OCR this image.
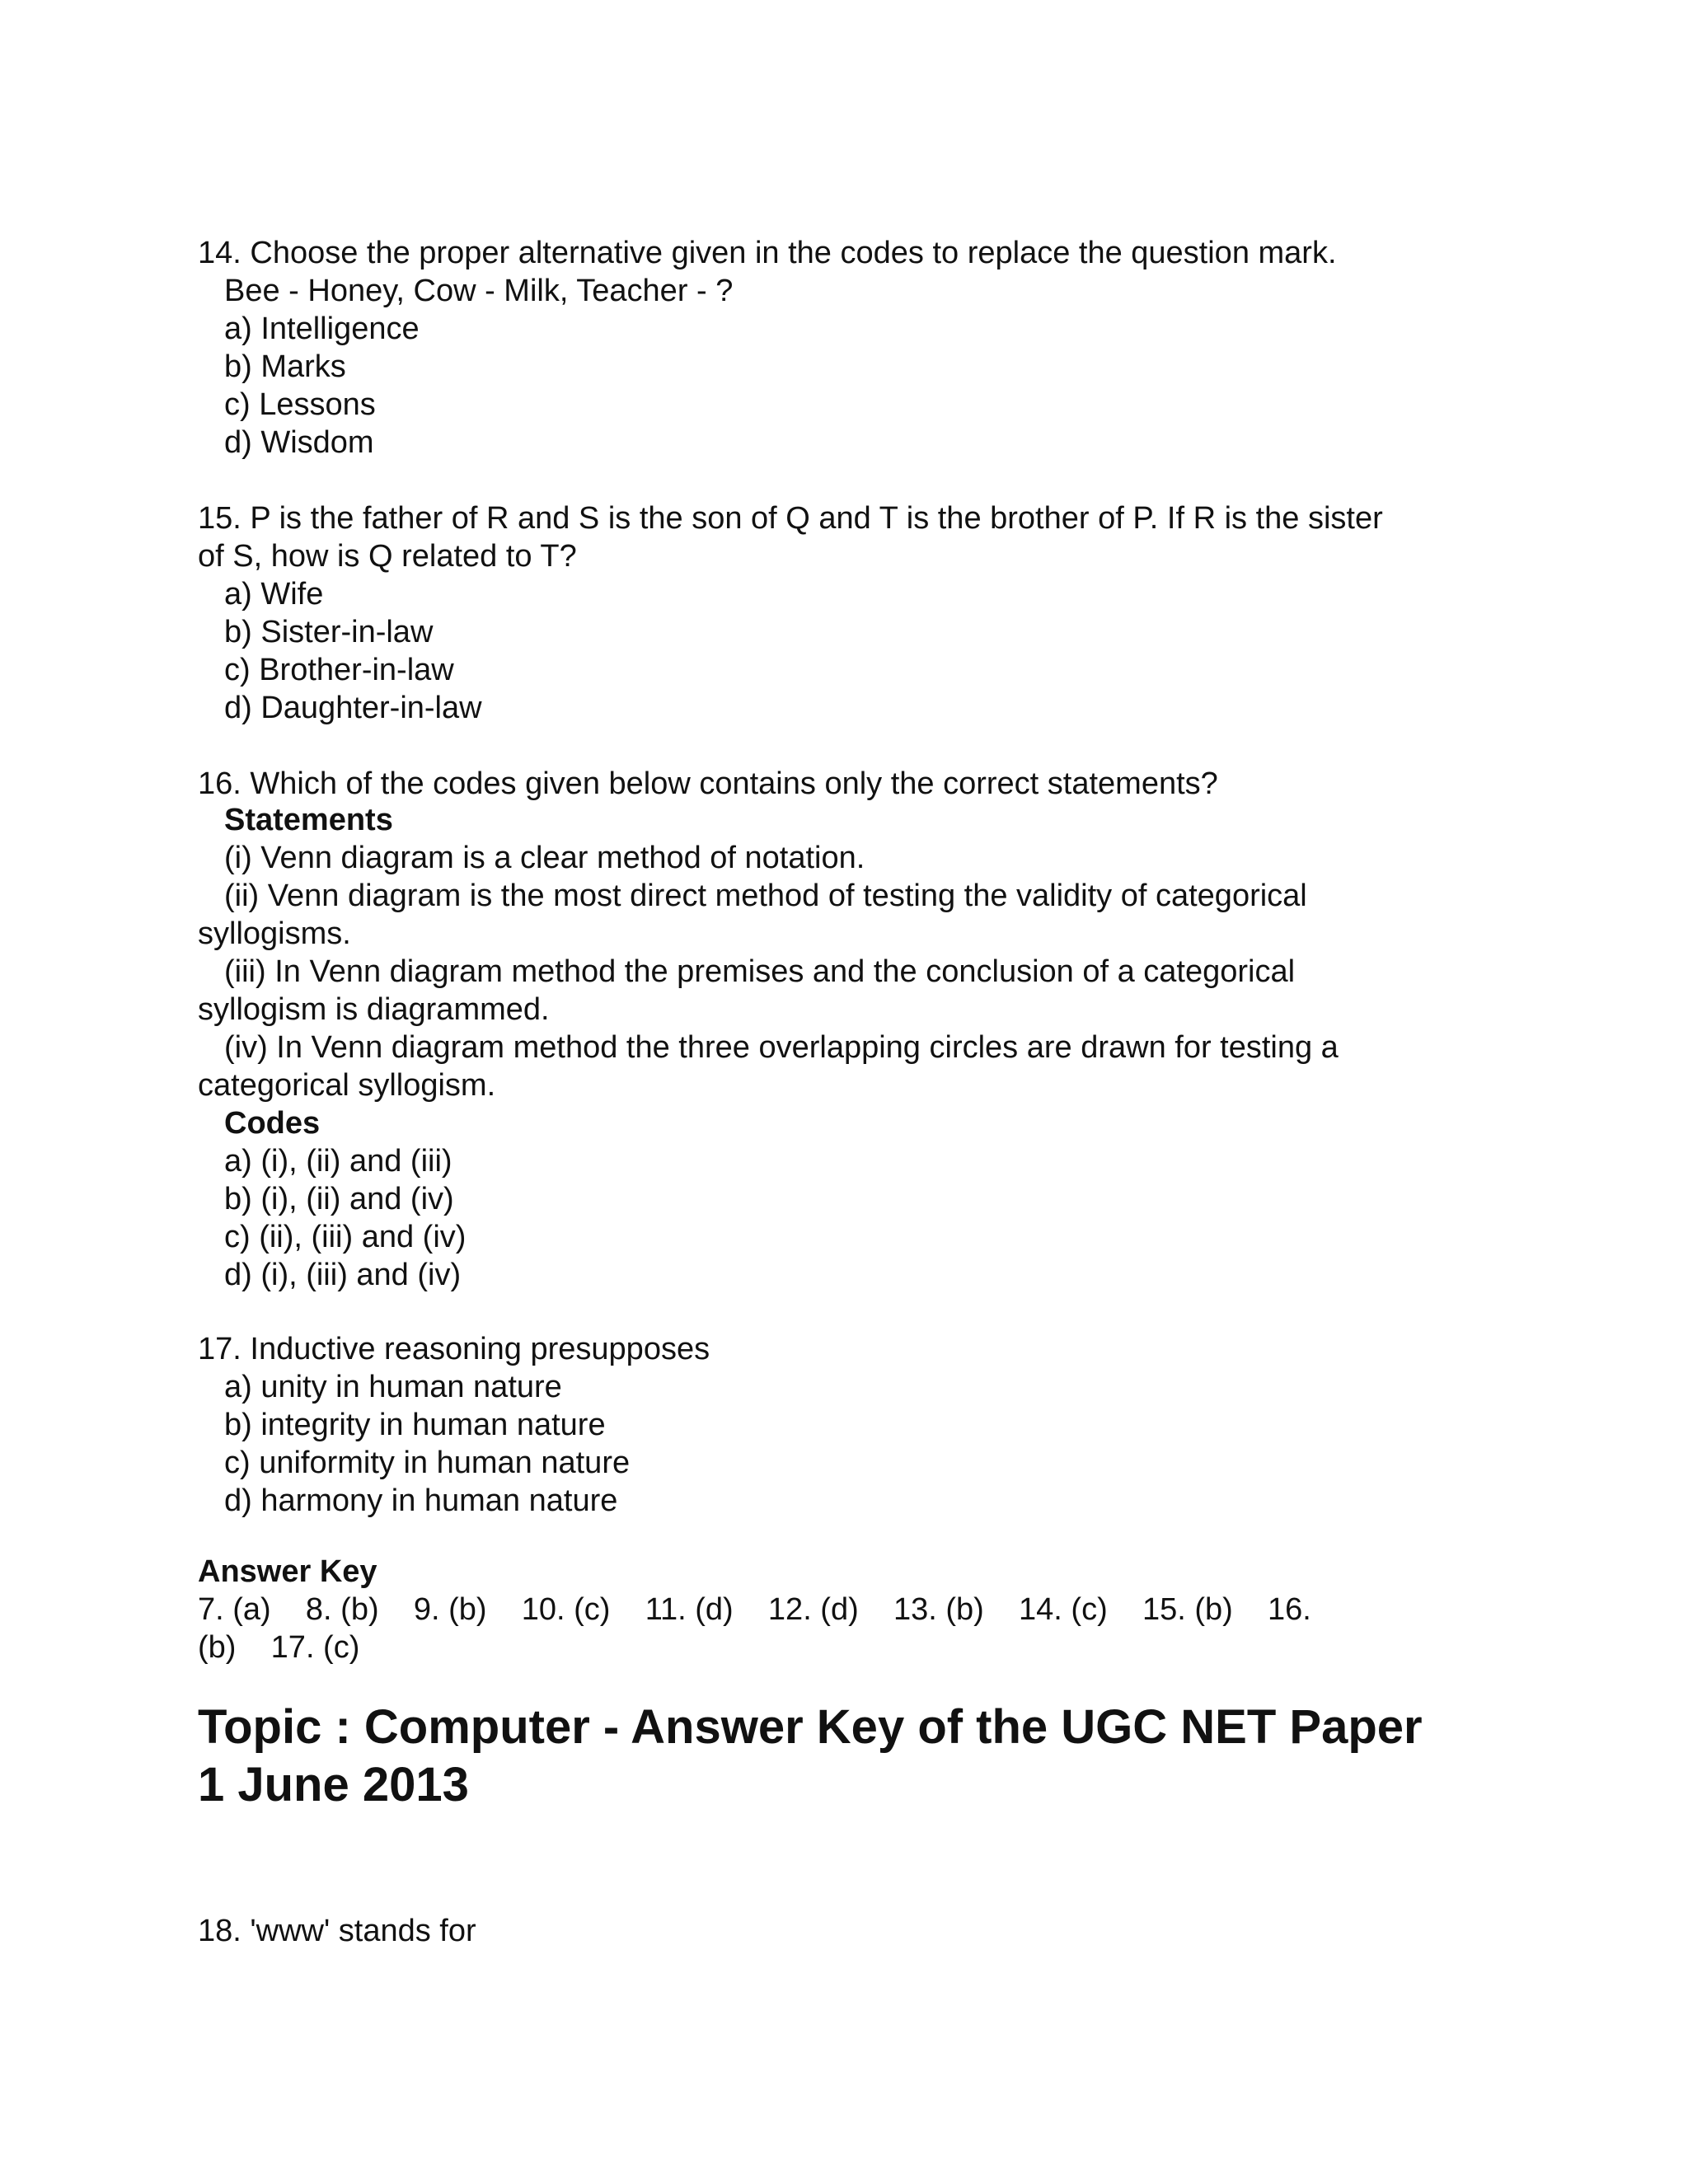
14. Choose the proper alternative given in the codes to replace the question mark.
Bee - Honey, Cow - Milk, Teacher - ?
a) Intelligence
b) Marks
c) Lessons
d) Wisdom
15. P is the father of R and S is the son of Q and T is the brother of P. If R is the sister
of S, how is Q related to T?
a) Wife
b) Sister-in-law
c) Brother-in-law
d) Daughter-in-law
16. Which of the codes given below contains only the correct statements?
Statements
(i) Venn diagram is a clear method of notation.
(ii) Venn diagram is the most direct method of testing the validity of categorical
syllogisms.
(iii) In Venn diagram method the premises and the conclusion of a categorical
syllogism is diagrammed.
(iv) In Venn diagram method the three overlapping circles are drawn for testing a
categorical syllogism.
Codes
a) (i), (ii) and (iii)
b) (i), (ii) and (iv)
c) (ii), (iii) and (iv)
d) (i), (iii) and (iv)
17. Inductive reasoning presupposes
a) unity in human nature
b) integrity in human nature
c) uniformity in human nature
d) harmony in human nature
Answer Key
7. (a)    8. (b)    9. (b)    10. (c)    11. (d)    12. (d)    13. (b)    14. (c)    15. (b)    16.
(b)    17. (c)
Topic : Computer - Answer Key of the UGC NET Paper
1 June 2013
18. 'www' stands for
